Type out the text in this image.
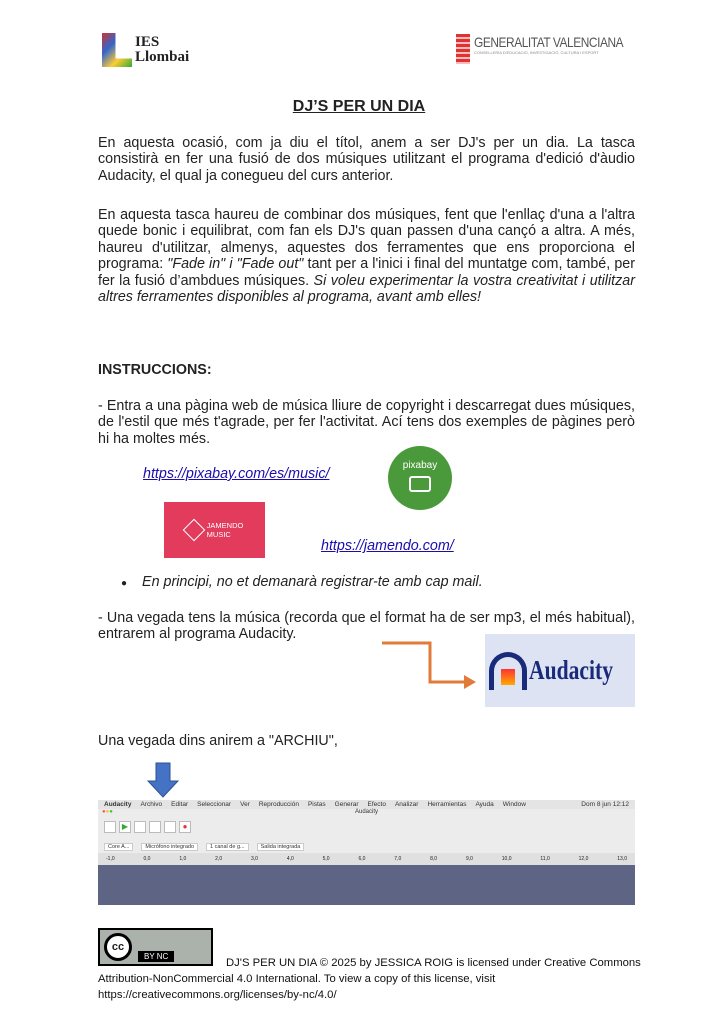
IES Llombai
GENERALITAT VALENCIANA
CONSELLERIA D'EDUCACIÓ, INVESTIGACIÓ, CULTURA I ESPORT
DJ’S PER UN DIA
En aquesta ocasió, com ja diu el títol, anem a ser DJ's per un dia. La tasca consistirà en fer una fusió de dos músiques utilitzant el programa d'edició d'àudio Audacity, el qual ja conegueu del curs anterior.
En aquesta tasca haureu de combinar dos músiques, fent que l'enllaç d'una a l'altra quede bonic i equilibrat, com fan els DJ's quan passen d'una cançó a altra. A més, haureu d'utilitzar, almenys, aquestes dos ferramentes que ens proporciona el programa: "Fade in" i "Fade out" tant per a l'inici i final del muntatge com, també, per fer la fusió d’ambdues músiques. Si voleu experimentar la vostra creativitat i utilitzar altres ferramentes disponibles al programa, avant amb elles!
INSTRUCCIONS:
- Entra a una pàgina web de música lliure de copyright i descarregat dues músiques, de l'estil que més t'agrade, per fer l'activitat. Ací tens dos exemples de pàgines però hi ha moltes més.
https://pixabay.com/es/music/
pixabay
JAMENDO
MUSIC
https://jamendo.com/
● En principi, no et demanarà registrar-te amb cap mail.
- Una vegada tens la música (recorda que el format ha de ser mp3, el més habitual), entrarem al programa Audacity.
Audacity
Una vegada dins anirem a "ARCHIU",
Audacity Archivo Editar Seleccionar Ver Reproducción Pistas Generar Efecto Analizar Herramientas Ayuda Window	Dom 8 jun 12:12
●●●	Audacity
▶	●
Core A...	Micrófono integrado	1 canal de g...	Salida integrada
-1,0	0,0	1,0	2,0	3,0	4,0	5,0	6,0	7,0	8,0	9,0	10,0	11,0	12,0	13,0
cc
BY NC
DJ'S PER UN DIA © 2025 by JESSICA ROIG is licensed under Creative Commons
Attribution-NonCommercial 4.0 International. To view a copy of this license, visit
https://creativecommons.org/licenses/by-nc/4.0/
